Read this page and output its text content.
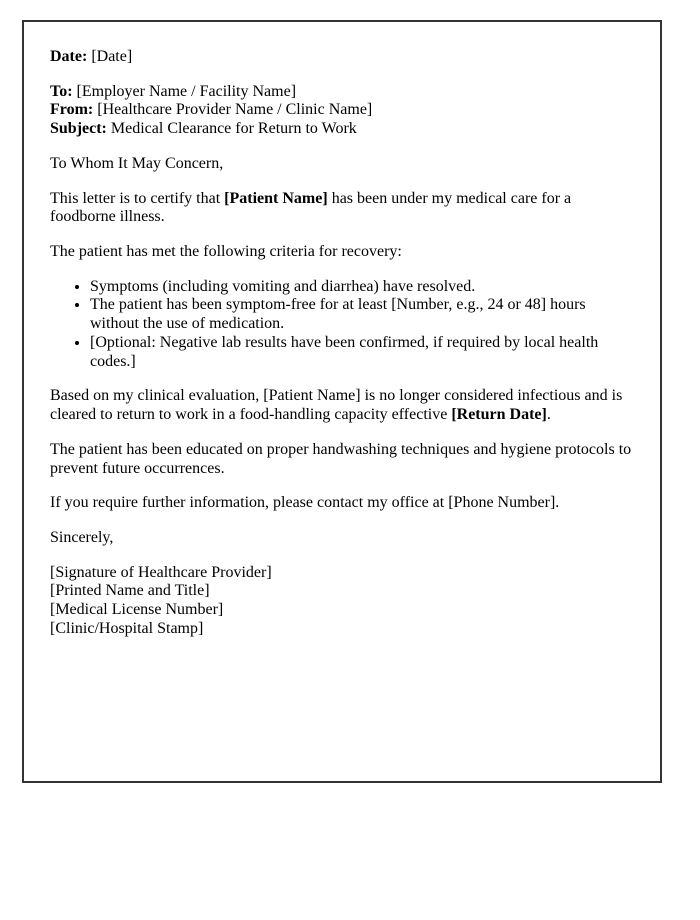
Date: [Date]

To: [Employer Name / Facility Name]
From: [Healthcare Provider Name / Clinic Name]
Subject: Medical Clearance for Return to Work

To Whom It May Concern,

This letter is to certify that [Patient Name] has been under my medical care for a foodborne illness.

The patient has met the following criteria for recovery:

• Symptoms (including vomiting and diarrhea) have resolved.
• The patient has been symptom-free for at least [Number, e.g., 24 or 48] hours without the use of medication.
• [Optional: Negative lab results have been confirmed, if required by local health codes.]

Based on my clinical evaluation, [Patient Name] is no longer considered infectious and is cleared to return to work in a food-handling capacity effective [Return Date].

The patient has been educated on proper handwashing techniques and hygiene protocols to prevent future occurrences.

If you require further information, please contact my office at [Phone Number].

Sincerely,

[Signature of Healthcare Provider]
[Printed Name and Title]
[Medical License Number]
[Clinic/Hospital Stamp]
